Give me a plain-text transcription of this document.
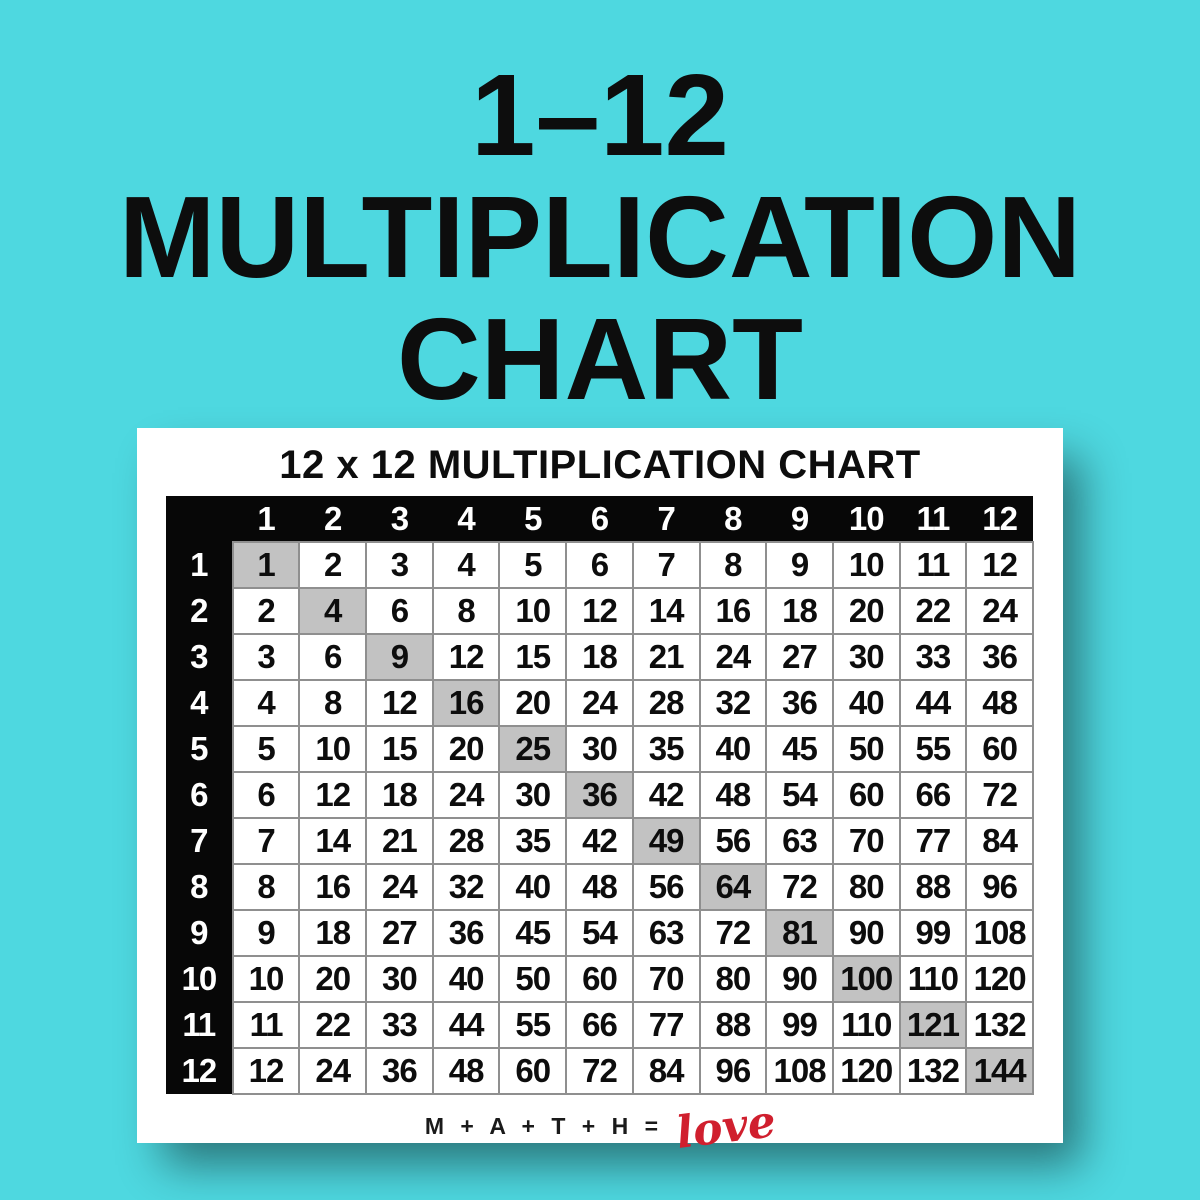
1–12
MULTIPLICATION
CHART
12 x 12 MULTIPLICATION CHART
	1	2	3	4	5	6	7	8	9	10	11	12
1	1	2	3	4	5	6	7	8	9	10	11	12
2	2	4	6	8	10	12	14	16	18	20	22	24
3	3	6	9	12	15	18	21	24	27	30	33	36
4	4	8	12	16	20	24	28	32	36	40	44	48
5	5	10	15	20	25	30	35	40	45	50	55	60
6	6	12	18	24	30	36	42	48	54	60	66	72
7	7	14	21	28	35	42	49	56	63	70	77	84
8	8	16	24	32	40	48	56	64	72	80	88	96
9	9	18	27	36	45	54	63	72	81	90	99	108
10	10	20	30	40	50	60	70	80	90	100	110	120
11	11	22	33	44	55	66	77	88	99	110	121	132
12	12	24	36	48	60	72	84	96	108	120	132	144
M + A + T + H = love
